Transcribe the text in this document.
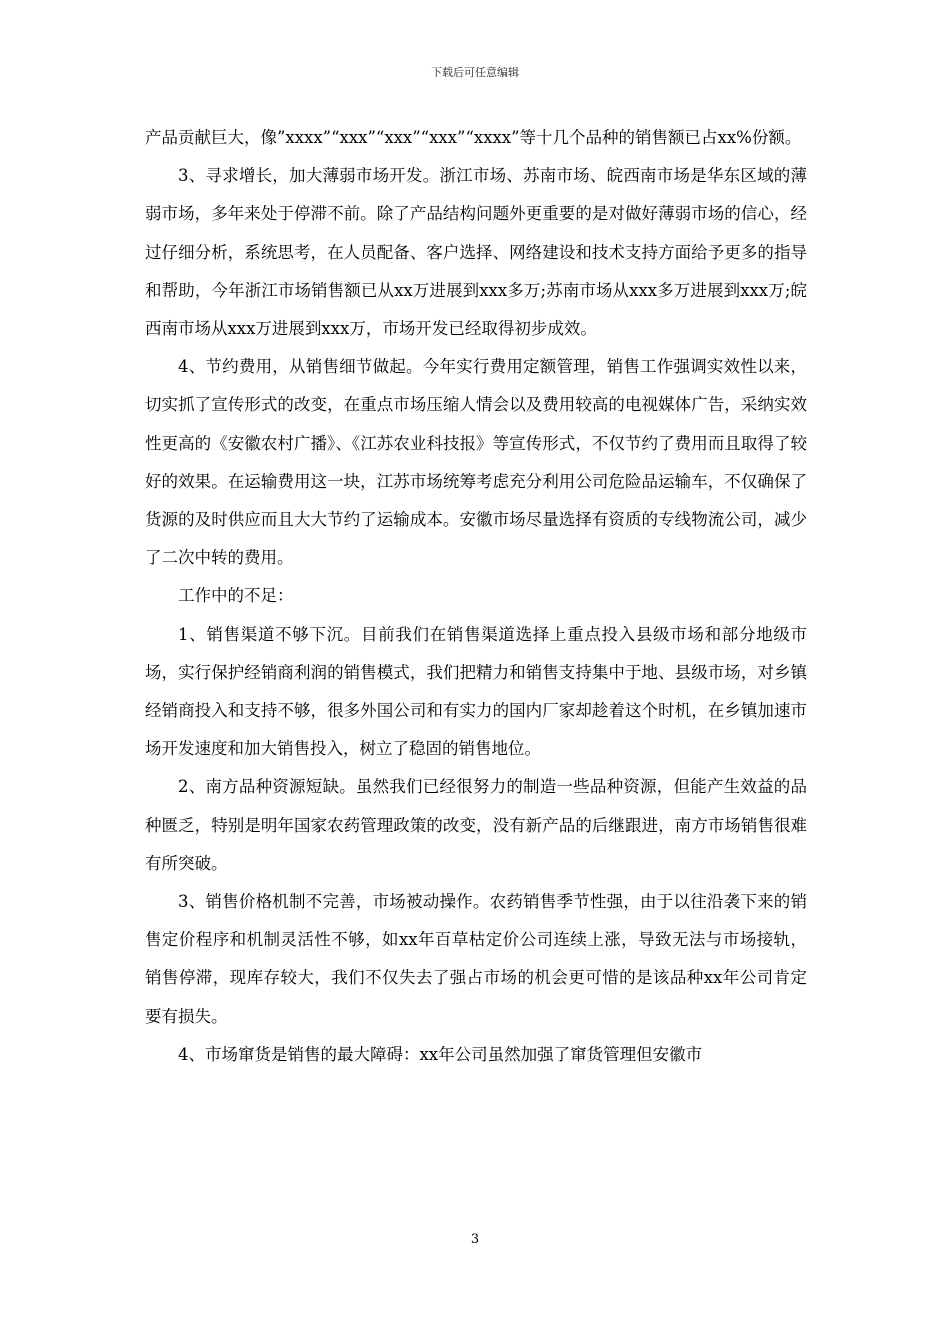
下载后可任意编辑

产品贡献巨大，像”xxxx”“xxx”“xxx”“xxx”“xxxx”等十几个品种的销售额已占xx%份额。

3、寻求增长，加大薄弱市场开发。浙江市场、苏南市场、皖西南市场是华东区域的薄弱市场，多年来处于停滞不前。除了产品结构问题外更重要的是对做好薄弱市场的信心，经过仔细分析，系统思考，在人员配备、客户选择、网络建设和技术支持方面给予更多的指导和帮助，今年浙江市场销售额已从xx万进展到xxx多万;苏南市场从xxx多万进展到xxx万;皖西南市场从xxx万进展到xxx万，市场开发已经取得初步成效。

4、节约费用，从销售细节做起。今年实行费用定额管理，销售工作强调实效性以来，切实抓了宣传形式的改变，在重点市场压缩人情会以及费用较高的电视媒体广告，采纳实效性更高的《安徽农村广播》、《江苏农业科技报》等宣传形式，不仅节约了费用而且取得了较好的效果。在运输费用这一块，江苏市场统筹考虑充分利用公司危险品运输车，不仅确保了货源的及时供应而且大大节约了运输成本。安徽市场尽量选择有资质的专线物流公司，减少了二次中转的费用。

工作中的不足：

1、销售渠道不够下沉。目前我们在销售渠道选择上重点投入县级市场和部分地级市场，实行保护经销商利润的销售模式，我们把精力和销售支持集中于地、县级市场，对乡镇经销商投入和支持不够，很多外国公司和有实力的国内厂家却趁着这个时机，在乡镇加速市场开发速度和加大销售投入，树立了稳固的销售地位。

2、南方品种资源短缺。虽然我们已经很努力的制造一些品种资源，但能产生效益的品种匮乏，特别是明年国家农药管理政策的改变，没有新产品的后继跟进，南方市场销售很难有所突破。

3、销售价格机制不完善，市场被动操作。农药销售季节性强，由于以往沿袭下来的销售定价程序和机制灵活性不够，如xx年百草枯定价公司连续上涨，导致无法与市场接轨，销售停滞，现库存较大，我们不仅失去了强占市场的机会更可惜的是该品种xx年公司肯定要有损失。

4、市场窜货是销售的最大障碍：xx年公司虽然加强了窜货管理但安徽市

3
